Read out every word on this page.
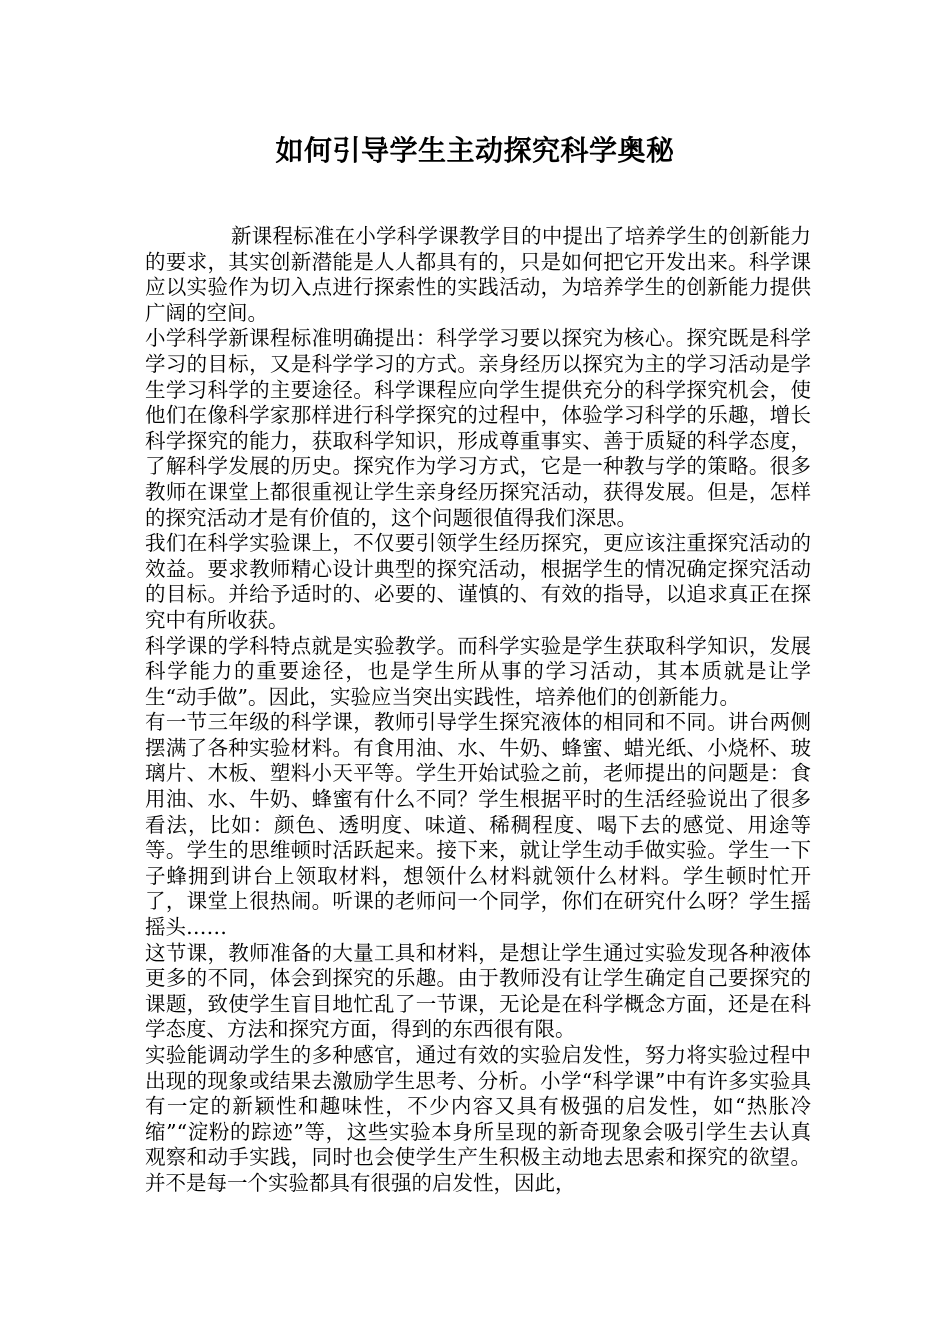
如何引导学生主动探究科学奥秘

新课程标准在小学科学课教学目的中提出了培养学生的创新能力的要求，其实创新潜能是人人都具有的，只是如何把它开发出来。科学课应以实验作为切入点进行探索性的实践活动，为培养学生的创新能力提供广阔的空间。

小学科学新课程标准明确提出：科学学习要以探究为核心。探究既是科学学习的目标，又是科学学习的方式。亲身经历以探究为主的学习活动是学生学习科学的主要途径。科学课程应向学生提供充分的科学探究机会，使他们在像科学家那样进行科学探究的过程中，体验学习科学的乐趣，增长科学探究的能力，获取科学知识，形成尊重事实、善于质疑的科学态度，了解科学发展的历史。探究作为学习方式，它是一种教与学的策略。很多教师在课堂上都很重视让学生亲身经历探究活动，获得发展。但是，怎样的探究活动才是有价值的，这个问题很值得我们深思。

我们在科学实验课上，不仅要引领学生经历探究，更应该注重探究活动的效益。要求教师精心设计典型的探究活动，根据学生的情况确定探究活动的目标。并给予适时的、必要的、谨慎的、有效的指导，以追求真正在探究中有所收获。

科学课的学科特点就是实验教学。而科学实验是学生获取科学知识，发展科学能力的重要途径，也是学生所从事的学习活动，其本质就是让学生“动手做”。因此，实验应当突出实践性，培养他们的创新能力。

有一节三年级的科学课，教师引导学生探究液体的相同和不同。讲台两侧摆满了各种实验材料。有食用油、水、牛奶、蜂蜜、蜡光纸、小烧杯、玻璃片、木板、塑料小天平等。学生开始试验之前，老师提出的问题是：食用油、水、牛奶、蜂蜜有什么不同？学生根据平时的生活经验说出了很多看法，比如：颜色、透明度、味道、稀稠程度、喝下去的感觉、用途等等。学生的思维顿时活跃起来。接下来，就让学生动手做实验。学生一下子蜂拥到讲台上领取材料，想领什么材料就领什么材料。学生顿时忙开了，课堂上很热闹。听课的老师问一个同学，你们在研究什么呀？学生摇摇头……

这节课，教师准备的大量工具和材料，是想让学生通过实验发现各种液体更多的不同，体会到探究的乐趣。由于教师没有让学生确定自己要探究的课题，致使学生盲目地忙乱了一节课，无论是在科学概念方面，还是在科学态度、方法和探究方面，得到的东西很有限。

实验能调动学生的多种感官，通过有效的实验启发性，努力将实验过程中出现的现象或结果去激励学生思考、分析。小学“科学课”中有许多实验具有一定的新颖性和趣味性，不少内容又具有极强的启发性，如“热胀冷缩”“淀粉的踪迹”等，这些实验本身所呈现的新奇现象会吸引学生去认真观察和动手实践，同时也会使学生产生积极主动地去思索和探究的欲望。并不是每一个实验都具有很强的启发性，因此，
